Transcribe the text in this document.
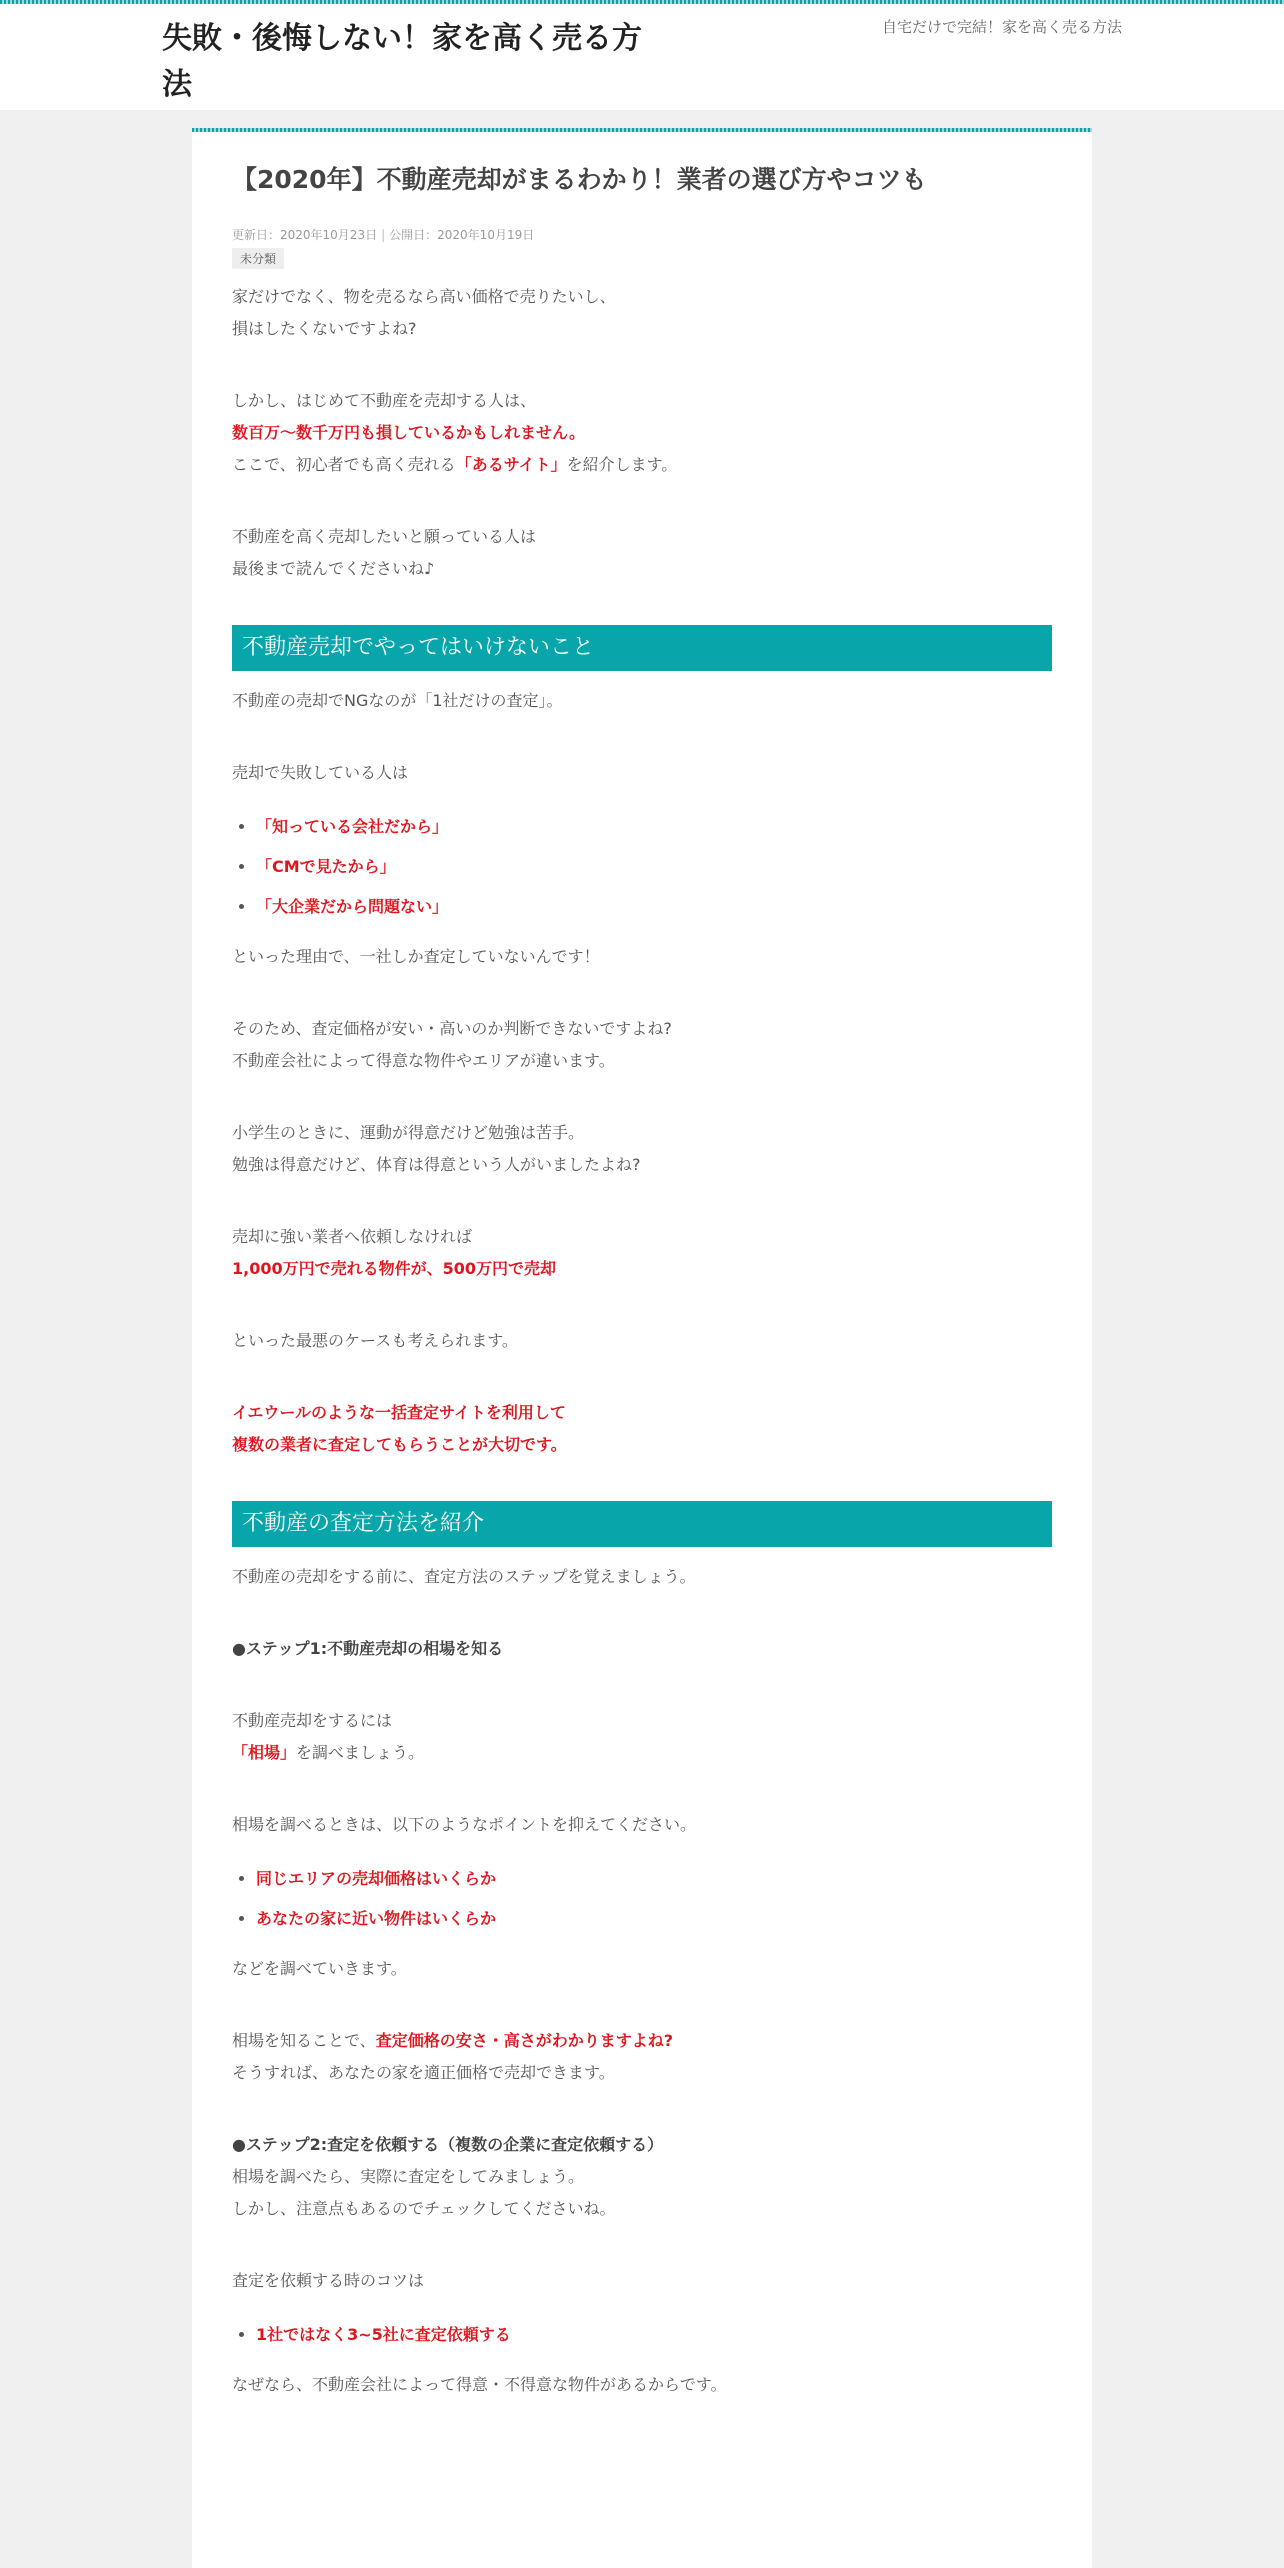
失敗・後悔しない！家を高く売る方法
自宅だけで完結！家を高く売る方法
【2020年】不動産売却がまるわかり！業者の選び方やコツも
更新日：2020年10月23日 | 公開日：2020年10月19日
未分類

家だけでなく、物を売るなら高い価格で売りたいし、
損はしたくないですよね?

しかし、はじめて不動産を売却する人は、
数百万～数千万円も損しているかもしれません。
ここで、初心者でも高く売れる「あるサイト」を紹介します。

不動産を高く売却したいと願っている人は
最後まで読んでくださいね♪

不動産売却でやってはいけないこと

不動産の売却でNGなのが「1社だけの査定」。

売却で失敗している人は

• 「知っている会社だから」
• 「CMで見たから」
• 「大企業だから問題ない」

といった理由で、一社しか査定していないんです！

そのため、査定価格が安い・高いのか判断できないですよね?
不動産会社によって得意な物件やエリアが違います。

小学生のときに、運動が得意だけど勉強は苦手。
勉強は得意だけど、体育は得意という人がいましたよね?

売却に強い業者へ依頼しなければ
1,000万円で売れる物件が、500万円で売却

といった最悪のケースも考えられます。

イエウールのような一括査定サイトを利用して
複数の業者に査定してもらうことが大切です。

不動産の査定方法を紹介

不動産の売却をする前に、査定方法のステップを覚えましょう。

●ステップ1:不動産売却の相場を知る

不動産売却をするには
「相場」を調べましょう。

相場を調べるときは、以下のようなポイントを抑えてください。

• 同じエリアの売却価格はいくらか
• あなたの家に近い物件はいくらか

などを調べていきます。

相場を知ることで、査定価格の安さ・高さがわかりますよね?
そうすれば、あなたの家を適正価格で売却できます。

●ステップ2:査定を依頼する（複数の企業に査定依頼する）
相場を調べたら、実際に査定をしてみましょう。
しかし、注意点もあるのでチェックしてくださいね。

査定を依頼する時のコツは

• 1社ではなく3~5社に査定依頼する

なぜなら、不動産会社によって得意・不得意な物件があるからです。
